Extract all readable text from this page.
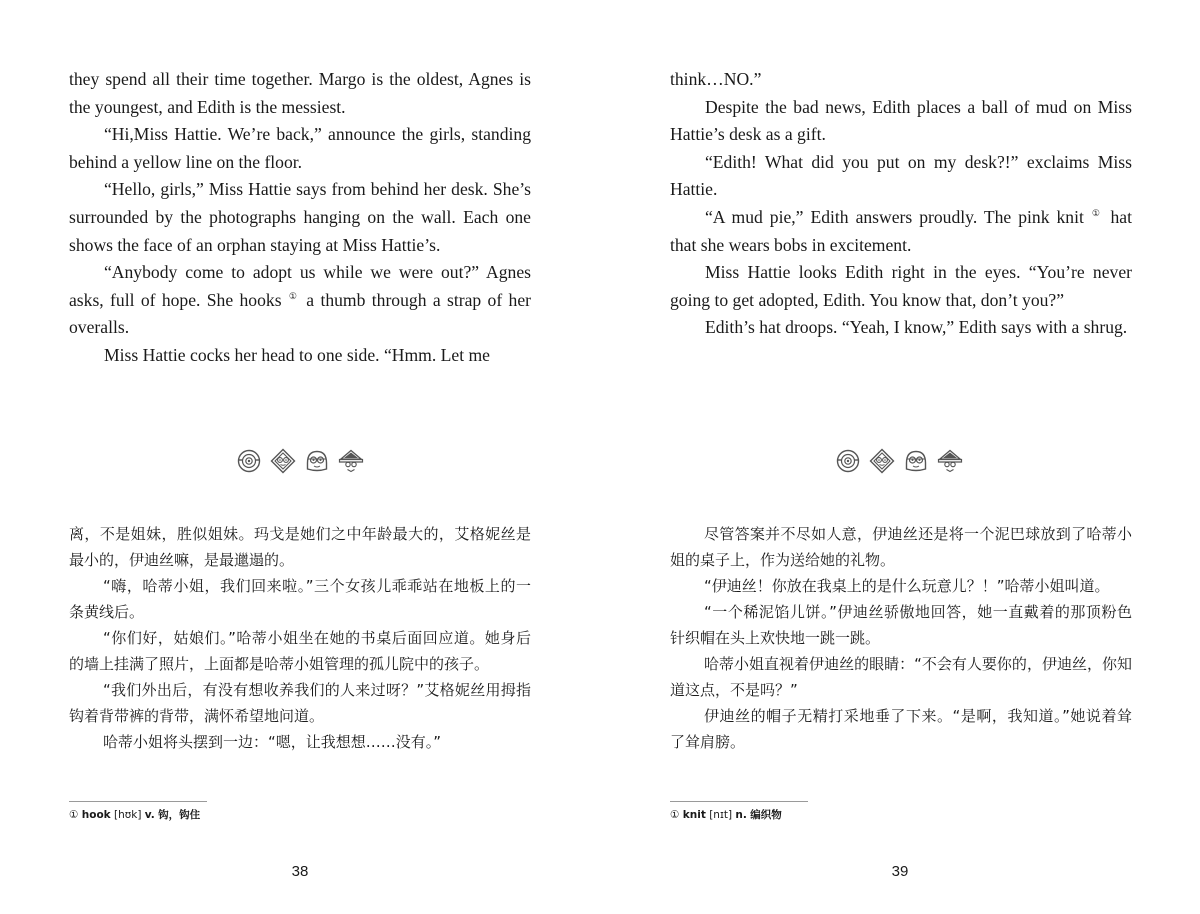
they spend all their time together. Margo is the oldest, Agnes is the youngest, and Edith is the messiest.

“Hi,Miss Hattie. We’re back,” announce the girls, standing behind a yellow line on the floor.

“Hello, girls,” Miss Hattie says from behind her desk. She’s surrounded by the photographs hanging on the wall. Each one shows the face of an orphan staying at Miss Hattie’s.

“Anybody come to adopt us while we were out?” Agnes asks, full of hope. She hooks ① a thumb through a strap of her overalls.

Miss Hattie cocks her head to one side. “Hmm. Let me

离，不是姐妹，胜似姐妹。玛戈是她们之中年龄最大的，艾格妮丝是最小的，伊迪丝嘛，是最邋遢的。

“嗨，哈蒂小姐，我们回来啦。”三个女孩儿乖乖站在地板上的一条黄线后。

“你们好，姑娘们。”哈蒂小姐坐在她的书桌后面回应道。她身后的墙上挂满了照片，上面都是哈蒂小姐管理的孤儿院中的孩子。

“我们外出后，有没有想收养我们的人来过呀？”艾格妮丝用拇指钩着背带裤的背带，满怀希望地问道。

哈蒂小姐将头摆到一边：“嗯，让我想想……没有。”

① hook [hʊk] v. 钩，钩住
38

think…NO.”

Despite the bad news, Edith places a ball of mud on Miss Hattie’s desk as a gift.

“Edith! What did you put on my desk?!” exclaims Miss Hattie.

“A mud pie,” Edith answers proudly. The pink knit ① hat that she wears bobs in excitement.

Miss Hattie looks Edith right in the eyes. “You’re never going to get adopted, Edith. You know that, don’t you?”

Edith’s hat droops. “Yeah, I know,” Edith says with a shrug.

尽管答案并不尽如人意，伊迪丝还是将一个泥巴球放到了哈蒂小姐的桌子上，作为送给她的礼物。

“伊迪丝！你放在我桌上的是什么玩意儿？！”哈蒂小姐叫道。

“一个稀泥馅儿饼。”伊迪丝骄傲地回答，她一直戴着的那顶粉色针织帽在头上欢快地一跳一跳。

哈蒂小姐直视着伊迪丝的眼睛：“不会有人要你的，伊迪丝，你知道这点，不是吗？”

伊迪丝的帽子无精打采地垂了下来。“是啊，我知道。”她说着耸了耸肩膀。

① knit [nɪt] n. 编织物
39
